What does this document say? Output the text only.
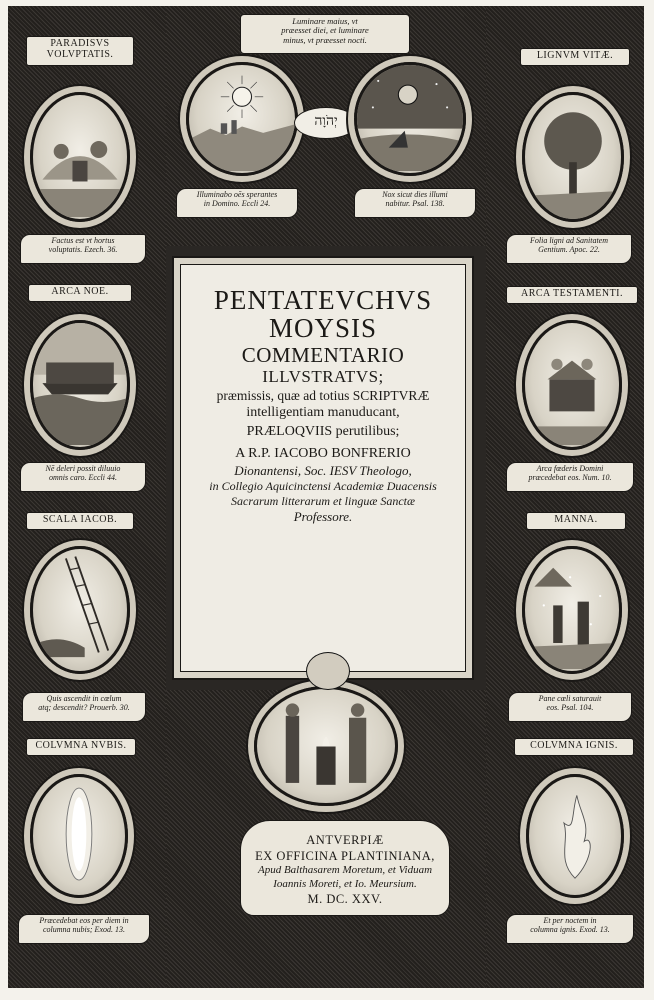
Luminare maius, vt
præesset diei, et luminare
minus, vt præesset nocti.
יְהֹוָה
Illuminabo oēs sperantes
in Domino. Eccli 24.
Nox sicut dies illumi
nabitur. Psal. 138.
PARADISVS
VOLVPTATIS.
Factus est vt hortus
voluptatis. Ezech. 36.
ARCA NOE.
Nē deleri possit diluuio
omnis caro. Eccli 44.
SCALA IACOB.
Quis ascendit in cœlum
atq; descendit? Prouerb. 30.
COLVMNA NVBIS.
Præcedebat eos per diem in
columna nubis; Exod. 13.
LIGNVM VITÆ.
Folia ligni ad Sanitatem
Gentium. Apoc. 22.
ARCA TESTAMENTI.
Arca fœderis Domini
præcedebat eos. Num. 10.
MANNA.
Pane cœli saturauit
eos. Psal. 104.
COLVMNA IGNIS.
Et per noctem in
columna ignis. Exod. 13.
PENTATEVCHVS
MOYSIS
COMMENTARIO
ILLVSTRATVS;
præmissis, quæ ad totius SCRIPTVRÆ
intelligentiam manuducant,
PRÆLOQVIIS perutilibus;
A R.P. IACOBO BONFRERIO
Dionantensi, Soc. IESV Theologo,
in Collegio Aquicinctensi Academiæ Duacensis
Sacrarum litterarum et linguæ Sanctæ
Professore.
ANTVERPIÆ
EX OFFICINA PLANTINIANA,
Apud Balthasarem Moretum, et Viduam
Ioannis Moreti, et Io. Meursium.
M. DC. XXV.
